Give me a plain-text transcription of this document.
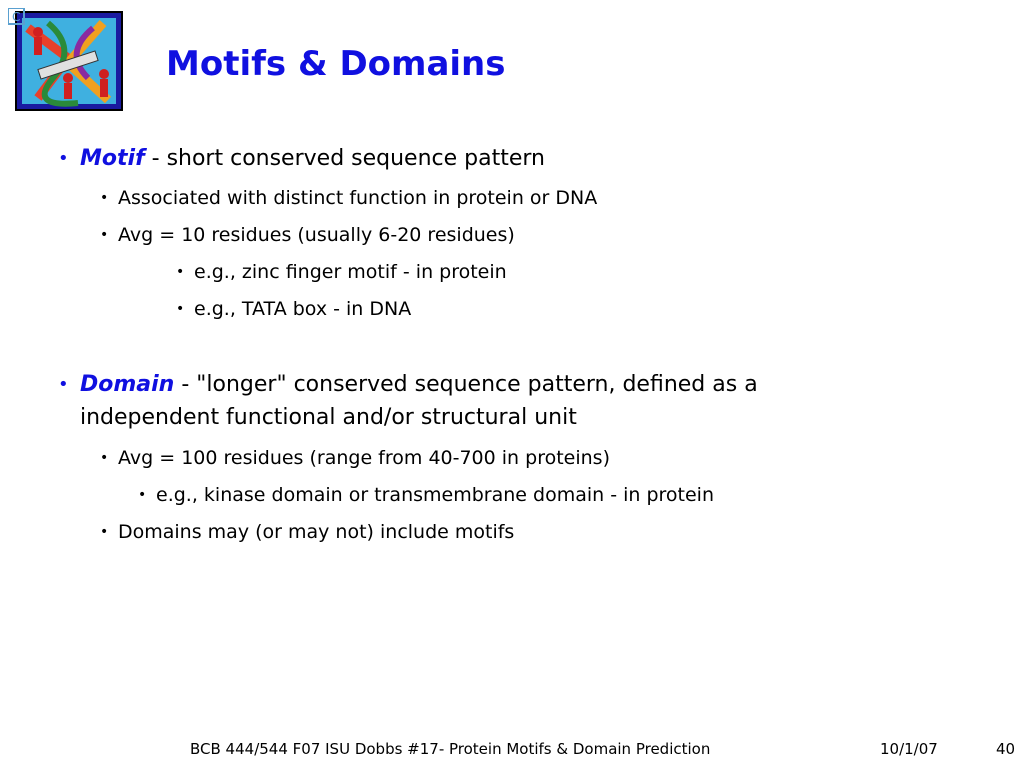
C
Motifs & Domains
• Motif - short conserved sequence pattern
• Associated with distinct function in protein or DNA
• Avg = 10 residues (usually 6-20 residues)
• e.g., zinc finger motif - in protein
• e.g., TATA box - in DNA
• Domain - "longer" conserved sequence pattern, defined as a
independent functional and/or structural unit
• Avg = 100 residues (range from 40-700 in proteins)
• e.g., kinase domain or transmembrane domain - in protein
• Domains may (or may not) include motifs
BCB 444/544 F07 ISU Dobbs #17- Protein Motifs & Domain Prediction	10/1/07	40
